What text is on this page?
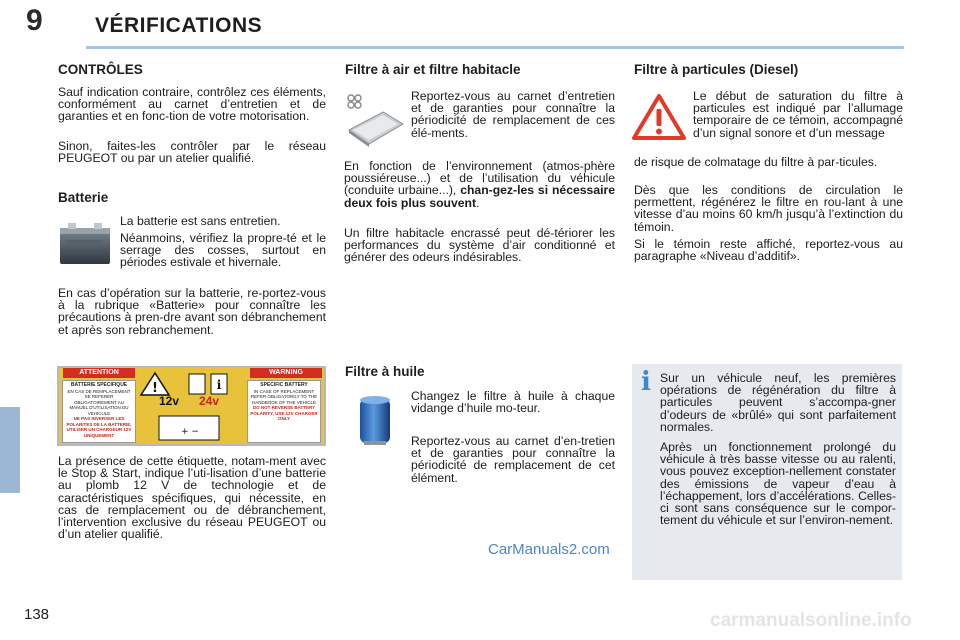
9 VÉRIFICATIONS
138
CONTRÔLES

Sauf indication contraire, contrôlez ces éléments, conformément au carnet d’entretien et de garanties et en fonc-tion de votre motorisation.

Sinon, faites-les contrôler par le réseau PEUGEOT ou par un atelier qualifié.

Batterie

La batterie est sans entretien.

Néanmoins, vérifiez la propre-té et le serrage des cosses, surtout en périodes estivale et hivernale.

En cas d’opération sur la batterie, re-portez-vous à la rubrique «Batterie» pour connaître les précautions à pren-dre avant son débranchement et après son rebranchement.

ATTENTION	WARNING
BATTERIE SPECIFIQUE
EN CAS DE REMPLACEMENT SE REFERER OBLIGATOIREMENT AU MANUEL D'UTILISATION DU VEHICULE
NE PAS INVERSER LES POLARITES DE LA BATTERIE, UTILISER UN CHARGEUR 12V UNIQUEMENT
SPECIFIC BATTERY
IN CASE OF REPLACEMENT REFER OBLIGATORILY TO THE HANDBOOK OF THE VEHICLE
DO NOT REVERSE BATTERY POLARITY, USE 12V CHARGER ONLY
!	i
+ −
12v 24v

La présence de cette étiquette, notam-ment avec le Stop & Start, indique l’uti-lisation d’une batterie au plomb 12 V de technologie et de caractéristiques spécifiques, qui nécessite, en cas de remplacement ou de débranchement, l’intervention exclusive du réseau PEUGEOT ou d’un atelier qualifié.

Filtre à air et filtre habitacle

Reportez-vous au carnet d’entretien et de garanties pour connaître la périodicité de remplacement de ces élé-ments.

En fonction de l’environnement (atmos-phère poussiéreuse...) et de l’utilisation du véhicule (conduite urbaine...), chan-gez-les si nécessaire deux fois plus souvent.

Un filtre habitacle encrassé peut dé-tériorer les performances du système d’air conditionné et générer des odeurs indésirables.

Filtre à huile

Changez le filtre à huile à chaque vidange d’huile mo-teur.

Reportez-vous au carnet d’en-tretien et de garanties pour connaître la périodicité de remplacement de cet élément.

Filtre à particules (Diesel)

Le début de saturation du filtre à particules est indiqué par l’allumage temporaire de ce témoin, accompagné d’un signal sonore et d’un message

de risque de colmatage du filtre à par-ticules.

Dès que les conditions de circulation le permettent, régénérez le filtre en rou-lant à une vitesse d’au moins 60 km/h jusqu’à l’extinction du témoin.

Si le témoin reste affiché, reportez-vous au paragraphe «Niveau d’additif».

i Sur un véhicule neuf, les premières opérations de régénération du filtre à particules peuvent s’accompa-gner d’odeurs de «brûlé» qui sont parfaitement normales.

Après un fonctionnement prolongé du véhicule à très basse vitesse ou au ralenti, vous pouvez exception-nellement constater des émissions de vapeur d’eau à l’échappement, lors d’accélérations. Celles-ci sont sans conséquence sur le compor-tement du véhicule et sur l’environ-nement.

CarManuals2.com
carmanualsonline.info
